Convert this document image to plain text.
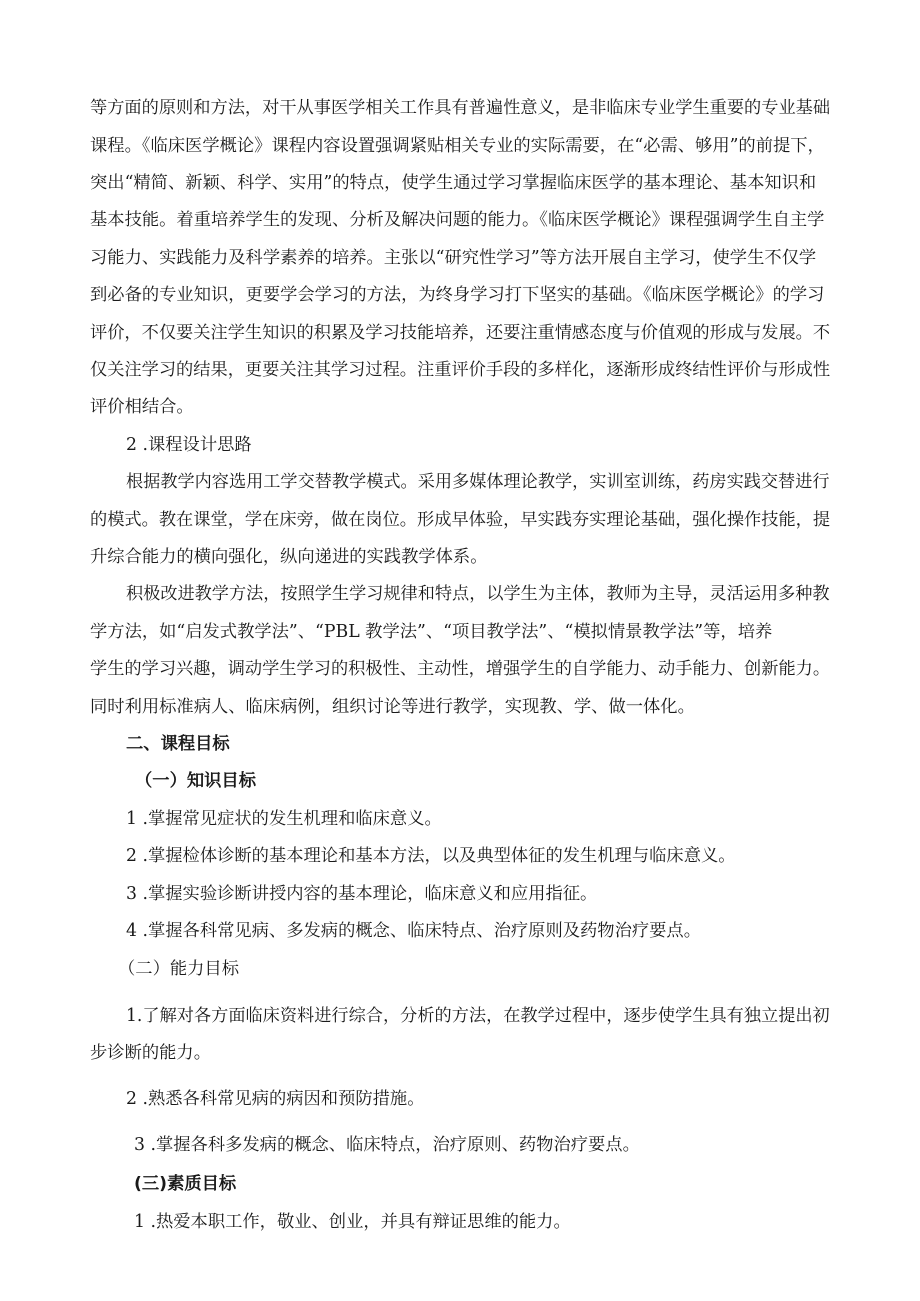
等方面的原则和方法，对干从事医学相关工作具有普遍性意义，是非临床专业学生重要的专业基础
课程。《临床医学概论》课程内容设置强调紧贴相关专业的实际需要，在“必需、够用”的前提下，
突出“精简、新颖、科学、实用”的特点，使学生通过学习掌握临床医学的基本理论、基本知识和
基本技能。着重培养学生的发现、分析及解决问题的能力。《临床医学概论》课程强调学生自主学
习能力、实践能力及科学素养的培养。主张以“研究性学习”等方法开展自主学习，使学生不仅学
到必备的专业知识，更要学会学习的方法，为终身学习打下坚实的基础。《临床医学概论》的学习
评价，不仅要关注学生知识的积累及学习技能培养，还要注重情感态度与价值观的形成与发展。不
仅关注学习的结果，更要关注其学习过程。注重评价手段的多样化，逐渐形成终结性评价与形成性
评价相结合。
2 .课程设计思路
根据教学内容选用工学交替教学模式。采用多媒体理论教学，实训室训练，药房实践交替进行
的模式。教在课堂，学在床旁，做在岗位。形成早体验，早实践夯实理论基础，强化操作技能，提
升综合能力的横向强化，纵向递进的实践教学体系。
积极改进教学方法，按照学生学习规律和特点，以学生为主体，教师为主导，灵活运用多种教
学方法，如“启发式教学法”、“PBL 教学法”、“项目教学法”、“模拟情景教学法”等，培养
学生的学习兴趣，调动学生学习的积极性、主动性，增强学生的自学能力、动手能力、创新能力。
同时利用标准病人、临床病例，组织讨论等进行教学，实现教、学、做一体化。
二、课程目标
（一）知识目标
1 .掌握常见症状的发生机理和临床意义。
2 .掌握检体诊断的基本理论和基本方法，以及典型体征的发生机理与临床意义。
3 .掌握实验诊断讲授内容的基本理论，临床意义和应用指征。
4 .掌握各科常见病、多发病的概念、临床特点、治疗原则及药物治疗要点。
（二）能力目标
1.了解对各方面临床资料进行综合，分析的方法，在教学过程中，逐步使学生具有独立提出初
步诊断的能力。
2 .熟悉各科常见病的病因和预防措施。
3 .掌握各科多发病的概念、临床特点，治疗原则、药物治疗要点。
(三)素质目标
1 .热爱本职工作，敬业、创业，并具有辩证思维的能力。
